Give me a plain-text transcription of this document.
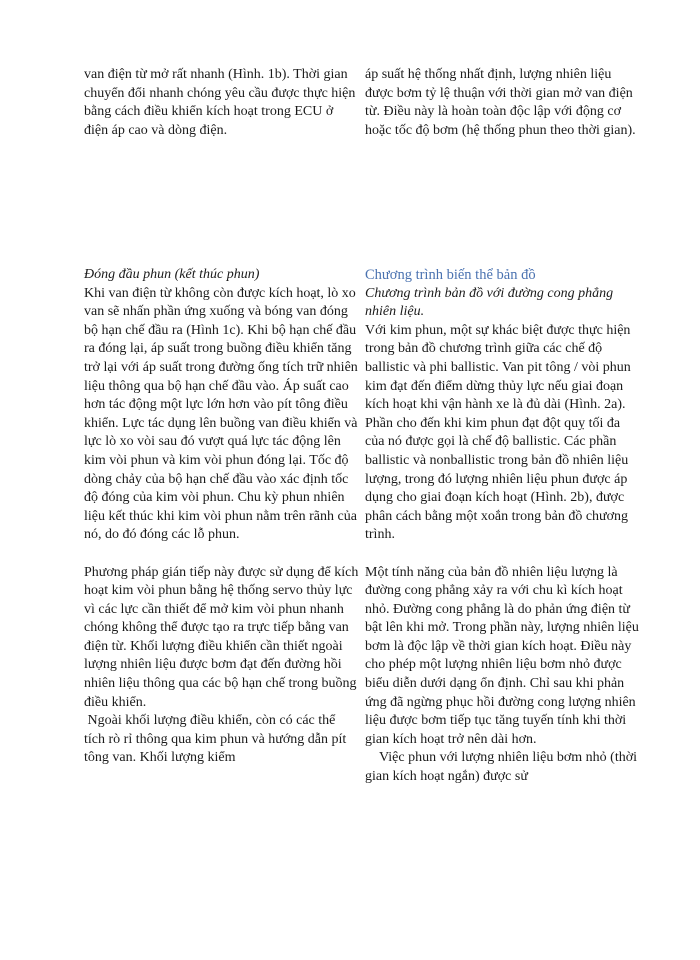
van điện từ mở rất nhanh (Hình. 1b). Thời gian chuyển đổi nhanh chóng yêu cầu được thực hiện bằng cách điều khiển kích hoạt trong ECU ở điện áp cao và dòng điện.

áp suất hệ thống nhất định, lượng nhiên liệu được bơm tỷ lệ thuận với thời gian mở van điện từ. Điều này là hoàn toàn độc lập với động cơ hoặc tốc độ bơm (hệ thống phun theo thời gian).

Đóng đầu phun (kết thúc phun)

Khi van điện từ không còn được kích hoạt, lò xo van sẽ nhấn phần ứng xuống và bóng van đóng bộ hạn chế đầu ra (Hình 1c). Khi bộ hạn chế đầu ra đóng lại, áp suất trong buồng điều khiển tăng trở lại với áp suất trong đường ống tích trữ nhiên liệu thông qua bộ hạn chế đầu vào. Áp suất cao hơn tác động một lực lớn hơn vào pít tông điều khiển. Lực tác dụng lên buồng van điều khiển và lực lò xo vòi sau đó vượt quá lực tác động lên kim vòi phun và kim vòi phun đóng lại. Tốc độ dòng chảy của bộ hạn chế đầu vào xác định tốc độ đóng của kim vòi phun. Chu kỳ phun nhiên liệu kết thúc khi kim vòi phun nằm trên rãnh của nó, do đó đóng các lỗ phun.

Phương pháp gián tiếp này được sử dụng để kích hoạt kim vòi phun bằng hệ thống servo thủy lực vì các lực cần thiết để mở kim vòi phun nhanh chóng không thể được tạo ra trực tiếp bằng van điện từ. Khối lượng điều khiển cần thiết ngoài lượng nhiên liệu được bơm đạt đến đường hồi nhiên liệu thông qua các bộ hạn chế trong buồng điều khiển.

Ngoài khối lượng điều khiển, còn có các thể tích rò rỉ thông qua kim phun và hướng dẫn pít tông van. Khối lượng kiểm

Chương trình biến thể bản đồ

Chương trình bản đồ với đường cong phẳng nhiên liệu.

Với kim phun, một sự khác biệt được thực hiện trong bản đồ chương trình giữa các chế độ ballistic và phi ballistic. Van pit tông / vòi phun kim đạt đến điểm dừng thủy lực nếu giai đoạn kích hoạt khi vận hành xe là đủ dài (Hình. 2a). Phần cho đến khi kim phun đạt đột quỵ tối đa của nó được gọi là chế độ ballistic. Các phần ballistic và nonballistic trong bản đồ nhiên liệu lượng, trong đó lượng nhiên liệu phun được áp dụng cho giai đoạn kích hoạt (Hình. 2b), được phân cách bằng một xoắn trong bản đồ chương trình.

Một tính năng của bản đồ nhiên liệu lượng là đường cong phẳng xảy ra với chu kì kích hoạt nhỏ. Đường cong phẳng là do phản ứng điện từ bật lên khi mở. Trong phần này, lượng nhiên liệu bơm là độc lập về thời gian kích hoạt. Điều này cho phép một lượng nhiên liệu bơm nhỏ được biểu diễn dưới dạng ổn định. Chỉ sau khi phản ứng đã ngừng phục hồi đường cong lượng nhiên liệu được bơm tiếp tục tăng tuyến tính khi thời gian kích hoạt trở nên dài hơn.

Việc phun với lượng nhiên liệu bơm nhỏ (thời gian kích hoạt ngắn) được sử
